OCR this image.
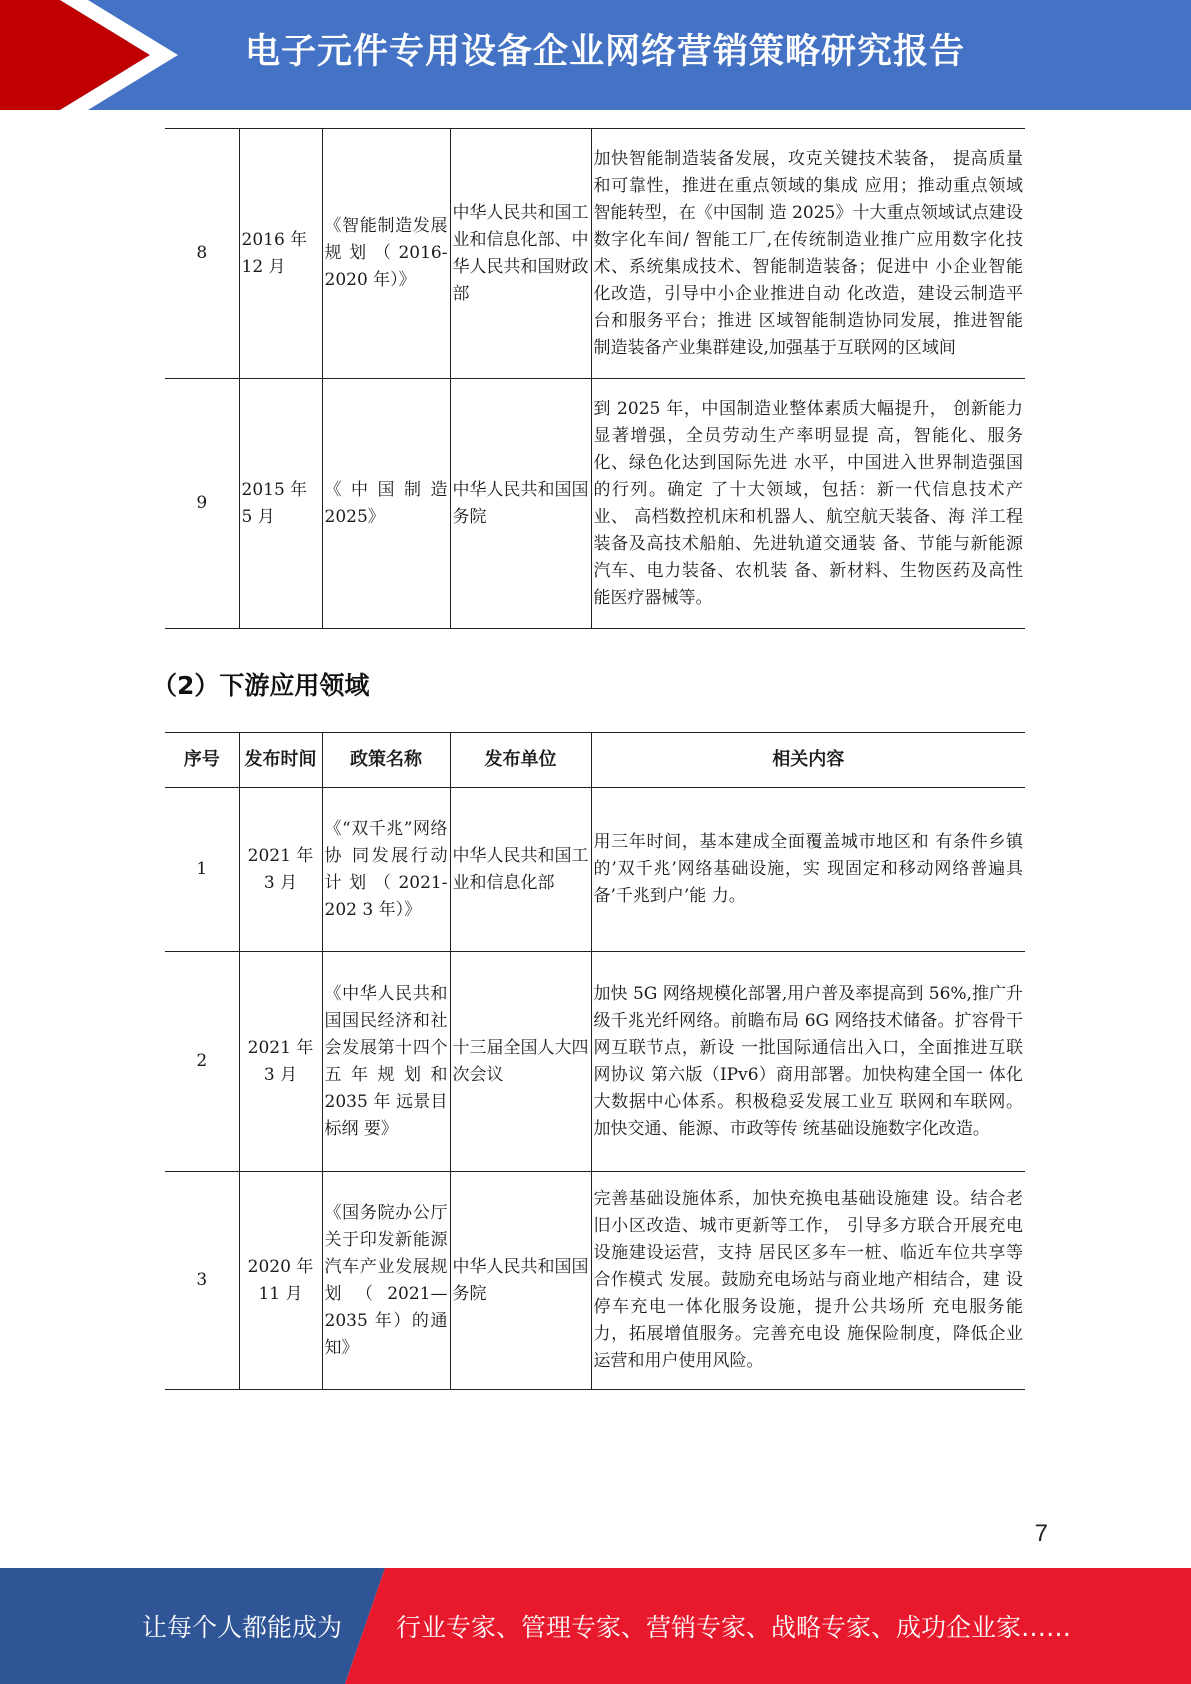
电子元件专用设备企业网络营销策略研究报告
8	2016 年 12 月	《智能制造发展规划（2016-2020 年）》	中华人民共和国工业和信息化部、中华人民共和国财政部	加快智能制造装备发展，攻克关键技术装备， 提高质量和可靠性，推进在重点领域的集成 应用；推动重点领域智能转型，在《中国制 造 2025》十大重点领域试点建设数字化车间/ 智能工厂,在传统制造业推广应用数字化技 术、系统集成技术、智能制造装备；促进中 小企业智能化改造，引导中小企业推进自动 化改造，建设云制造平台和服务平台；推进 区域智能制造协同发展，推进智能制造装备产业集群建设,加强基于互联网的区域间
9	2015 年 5 月	《中国制造 2025》	中华人民共和国国务院	到 2025 年，中国制造业整体素质大幅提升， 创新能力显著增强，全员劳动生产率明显提 高，智能化、服务化、绿色化达到国际先进 水平，中国进入世界制造强国的行列。确定 了十大领域，包括：新一代信息技术产业、 高档数控机床和机器人、航空航天装备、海 洋工程装备及高技术船舶、先进轨道交通装 备、节能与新能源汽车、电力装备、农机装 备、新材料、生物医药及高性能医疗器械等。
（2）下游应用领域
序号	发布时间	政策名称	发布单位	相关内容
1	2021 年 3 月	《“双千兆”网络协 同发展行动计划（2021-202 3 年）》	中华人民共和国工业和信息化部	用三年时间，基本建成全面覆盖城市地区和 有条件乡镇的’双千兆’网络基础设施，实 现固定和移动网络普遍具备’千兆到户’能 力。
2	2021 年 3 月	《中华人民共和国国民经济和社会发展第十四个五年规划和 2035 年 远景目标纲 要》	十三届全国人大四次会议	加快 5G 网络规模化部署,用户普及率提高到 56%,推广升级千兆光纤网络。前瞻布局 6G 网络技术储备。扩容骨干网互联节点，新设 一批国际通信出入口，全面推进互联网协议 第六版（IPv6）商用部署。加快构建全国一 体化大数据中心体系。积极稳妥发展工业互 联网和车联网。加快交通、能源、市政等传 统基础设施数字化改造。
3	2020 年 11 月	《国务院办公厅关于印发新能源汽车产业发展规划（2021—2035 年）的通知》	中华人民共和国国务院	完善基础设施体系，加快充换电基础设施建 设。结合老旧小区改造、城市更新等工作， 引导多方联合开展充电设施建设运营，支持 居民区多车一桩、临近车位共享等合作模式 发展。鼓励充电场站与商业地产相结合，建 设停车充电一体化服务设施，提升公共场所 充电服务能力，拓展增值服务。完善充电设 施保险制度，降低企业运营和用户使用风险。
7
让每个人都能成为 行业专家、管理专家、营销专家、战略专家、成功企业家……
